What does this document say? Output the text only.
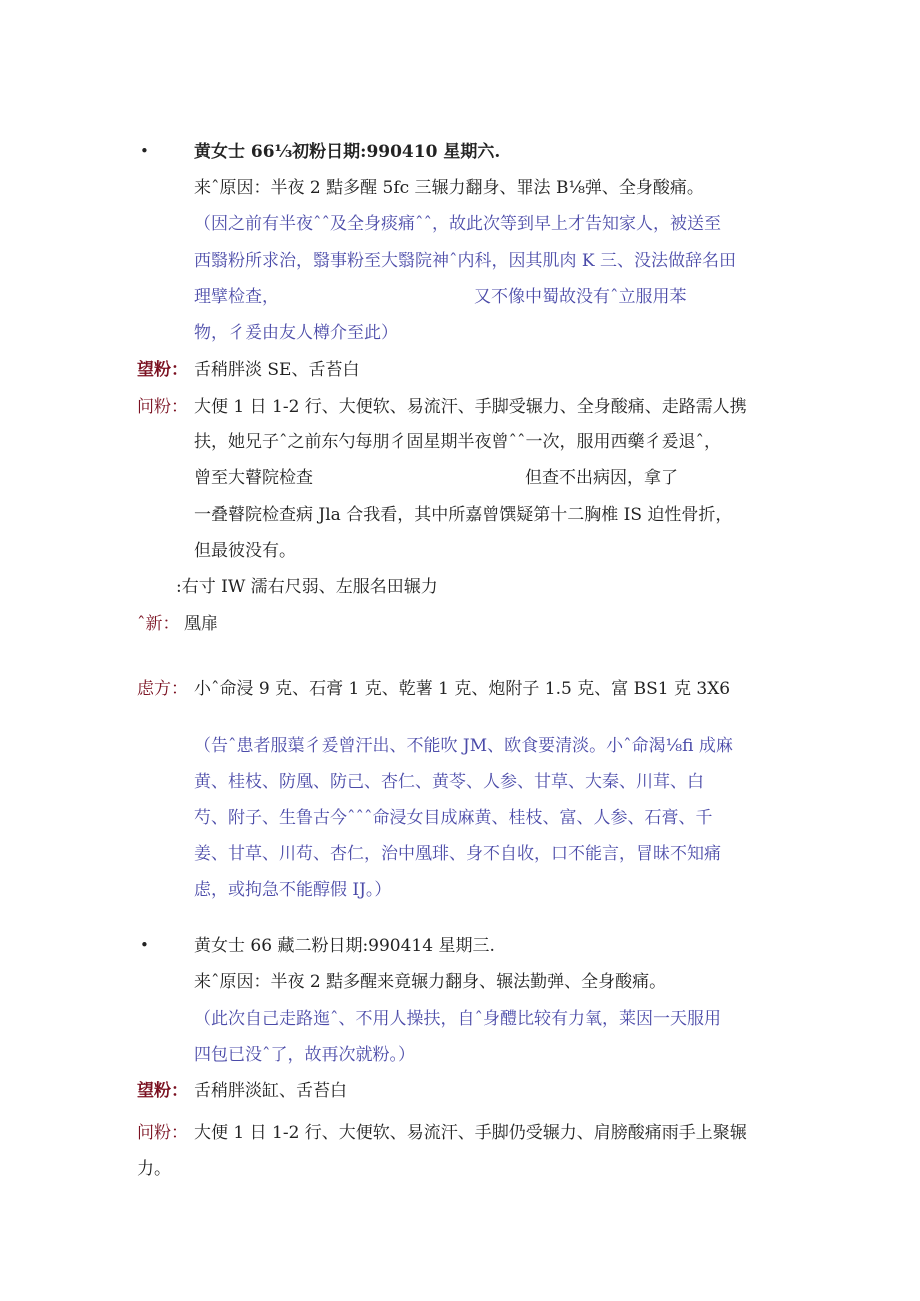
•	黄女士 66⅓初粉日期:990410 星期六.
来ˆ原因：半夜 2 黠多醒 5fc 三辗力翻身、罪法 B⅛弹、全身酸痛。
（因之前有半夜ˆˆ及全身痰痛ˆˆ，故此次等到早上才告知家人，被送至
西翳粉所求治，翳事粉至大翳院神ˆ内科，因其肌肉 K 三、没法做辞名田
理擘检查，	又不像中蜀故没有ˆ立服用苯
物，彳爰由友人樽介至此）
望粉： 舌稍胖淡 SE、舌苔白
问粉： 大便 1 日 1-2 行、大便软、易流汗、手脚受辗力、全身酸痛、走路需人携
扶，她兄子ˆ之前东勺每朋彳固星期半夜曾ˆˆ一次，服用西藥彳爰退ˆ，
曾至大瞽院检查	但查不出病因，拿了
一叠瞽院检查病 Jla 合我看，其中所嘉曾馔疑第十二胸椎 IS 迫性骨折，
但最彼没有。
:右寸 IW 濡右尺弱、左服名田辗力
ˆ新： 凰扉
虑方： 小ˆ命浸 9 克、石膏 1 克、乾薯 1 克、炮附子 1.5 克、富 BS1 克 3X6
（告ˆ患者服蕖彳爰曾汗出、不能吹 JM、欧食要清淡。小ˆ命渴⅛fi 成麻
黄、桂枝、防凰、防己、杏仁、黄苓、人参、甘草、大秦、川茸、白
芍、附子、生鲁古今ˆˆˆ命浸女目成麻黄、桂枝、富、人参、石膏、千
姜、甘草、川苟、杏仁，治中凰琲、身不自收，口不能言，冒昧不知痛
虑，或拘急不能醇假 IJ。）
•	黄女士 66 藏二粉日期:990414 星期三.
来ˆ原因：半夜 2 黠多醒来竟辗力翻身、辗法勤弹、全身酸痛。
（此次自己走路迤ˆ、不用人操扶，自ˆ身醴比较有力氧，莱因一天服用
四包已没ˆ了，故再次就粉。）
望粉： 舌稍胖淡缸、舌苔白
问粉： 大便 1 日 1-2 行、大便软、易流汗、手脚仍受辗力、肩膀酸痛雨手上聚辗
力。
